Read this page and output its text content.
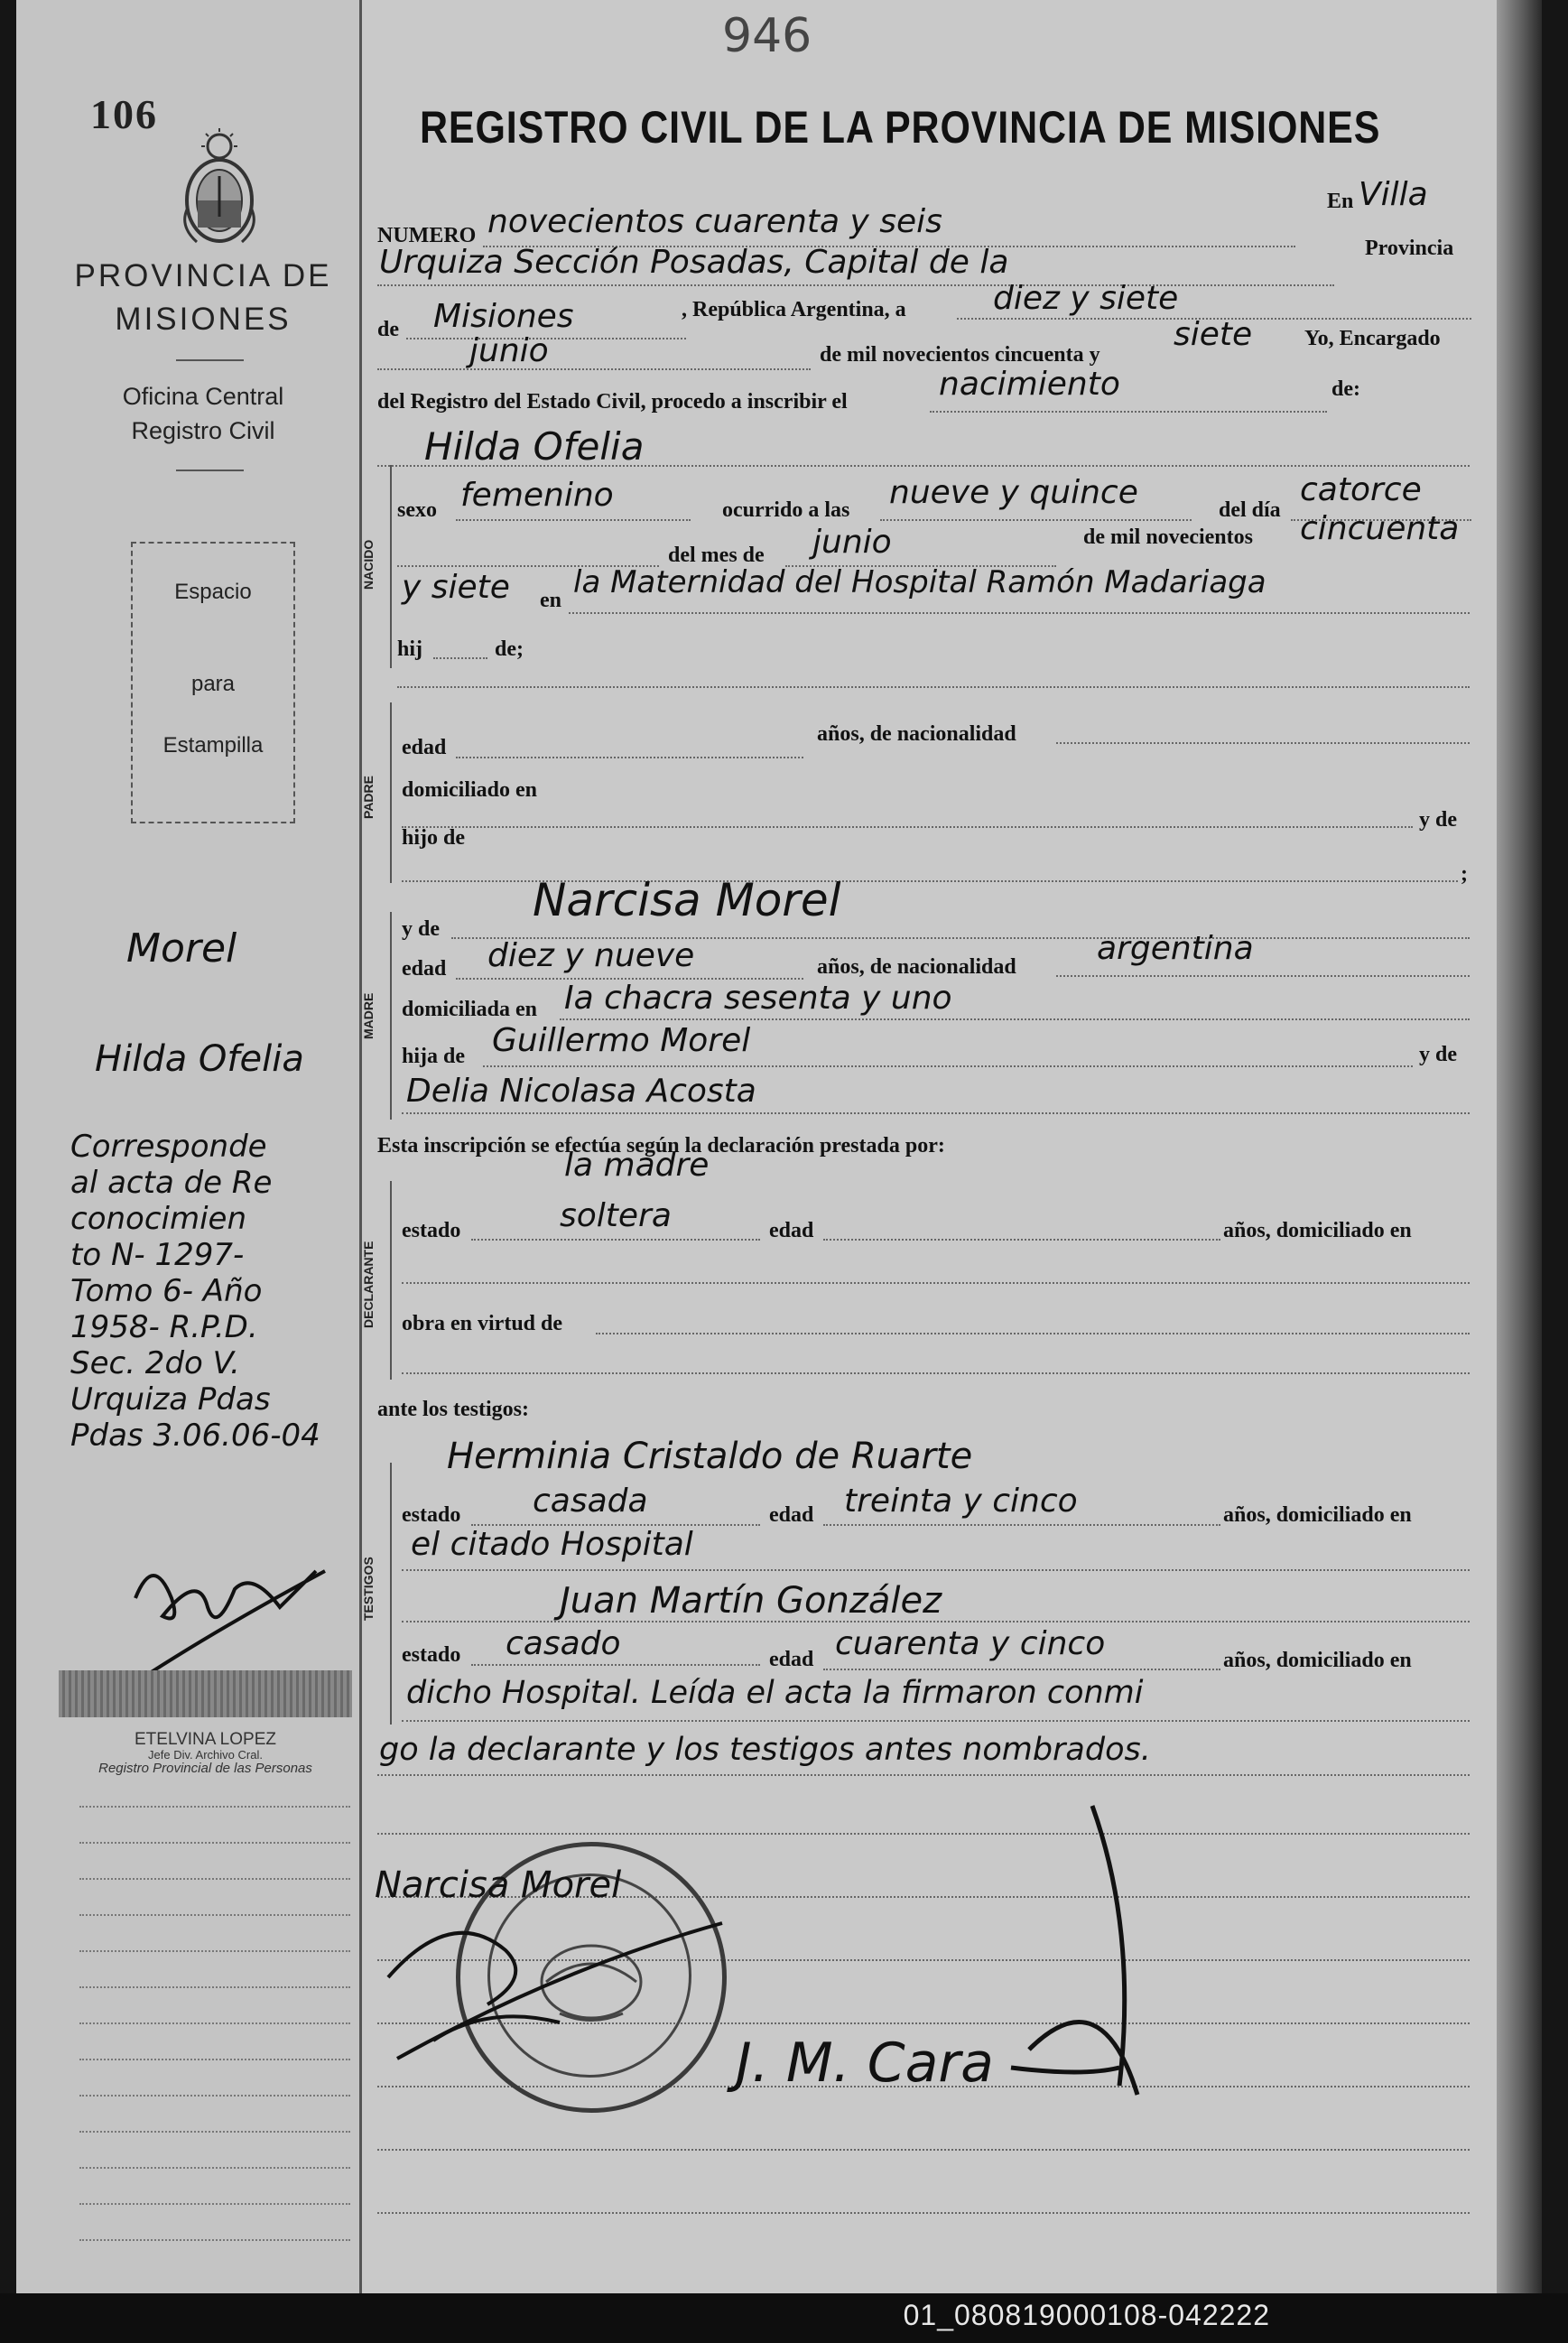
946
106
PROVINCIA DE
MISIONES
Oficina Central
Registro Civil
Espacio
para
Estampilla
Morel
Hilda Ofelia
Corresponde
al acta de Re
conocimien
to N- 1297-
Tomo 6- Año
1958- R.P.D.
Sec. 2do V.
Urquiza Pdas
Pdas 3.06.06-04
ETELVINA LOPEZ
Jefe Div. Archivo Cral.
Registro Provincial de las Personas
REGISTRO CIVIL DE LA PROVINCIA DE MISIONES
NUMERO novecientos cuarenta y seis
En Villa
Urquiza Sección Posadas, Capital de la	Provincia
de Misiones	, República Argentina, a	diez y siete
junio	de mil novecientos cincuenta y
siete Yo, Encargado
del Registro del Estado Civil, procedo a inscribir el	nacimiento	de:
Hilda Ofelia
NACIDO
sexo femenino	ocurrido a las nueve y quince	del día
catorce
del mes de junio	de mil novecientos cincuenta
y siete en la Maternidad del Hospital Ramón Madariaga
hij	de;
PADRE
edad
años, de nacionalidad
domiciliado en
y de
hijo de
;
MADRE
y de
Narcisa Morel
edad diez y nueve	años, de nacionalidad argentina
domiciliada en Ia chacra sesenta y uno
hija de Guillermo Morel	y de
Delia Nicolasa Acosta
Esta inscripción se efectúa según la declaración prestada por:
la madre
DECLARANTE
estado	soltera	edad	años, domiciliado en
obra en virtud de
ante los testigos:
Herminia Cristaldo de Ruarte
TESTIGOS
estado casada	edad treinta y cinco	años, domiciliado en
el citado Hospital
Juan Martín González
estado casado	edad cuarenta y cinco	años, domiciliado en
dicho Hospital. Leída el acta la firmaron conmi
go la declarante y los testigos antes nombrados.
Narcisa Morel
J. M. Cara
01_080819000108-042222
